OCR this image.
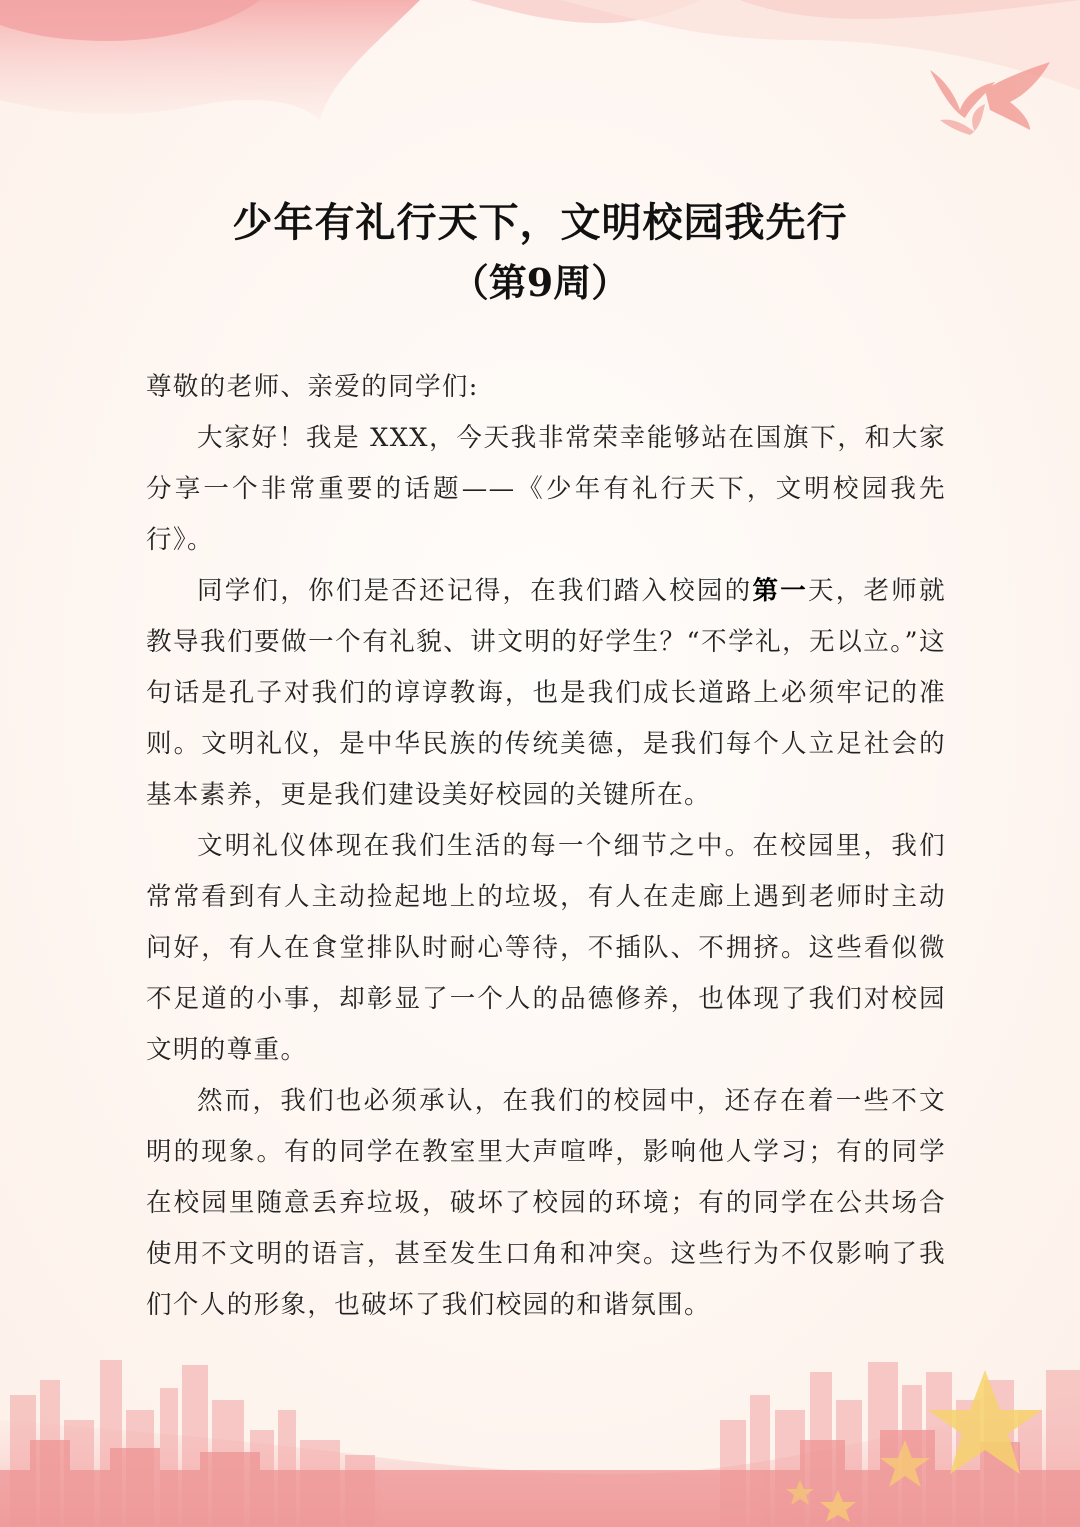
少年有礼行天下，文明校园我先行
（第9周）

尊敬的老师、亲爱的同学们:

大家好！我是 XXX，今天我非常荣幸能够站在国旗下，和大家分享一个非常重要的话题——《少年有礼行天下，文明校园我先行》。

同学们，你们是否还记得，在我们踏入校园的第一天，老师就教导我们要做一个有礼貌、讲文明的好学生？“不学礼，无以立。”这句话是孔子对我们的谆谆教诲，也是我们成长道路上必须牢记的准则。文明礼仪，是中华民族的传统美德，是我们每个人立足社会的基本素养，更是我们建设美好校园的关键所在。

文明礼仪体现在我们生活的每一个细节之中。在校园里，我们常常看到有人主动捡起地上的垃圾，有人在走廊上遇到老师时主动问好，有人在食堂排队时耐心等待，不插队、不拥挤。这些看似微不足道的小事，却彰显了一个人的品德修养，也体现了我们对校园文明的尊重。

然而，我们也必须承认，在我们的校园中，还存在着一些不文明的现象。有的同学在教室里大声喧哗，影响他人学习；有的同学在校园里随意丢弃垃圾，破坏了校园的环境；有的同学在公共场合使用不文明的语言，甚至发生口角和冲突。这些行为不仅影响了我们个人的形象，也破坏了我们校园的和谐氛围。
